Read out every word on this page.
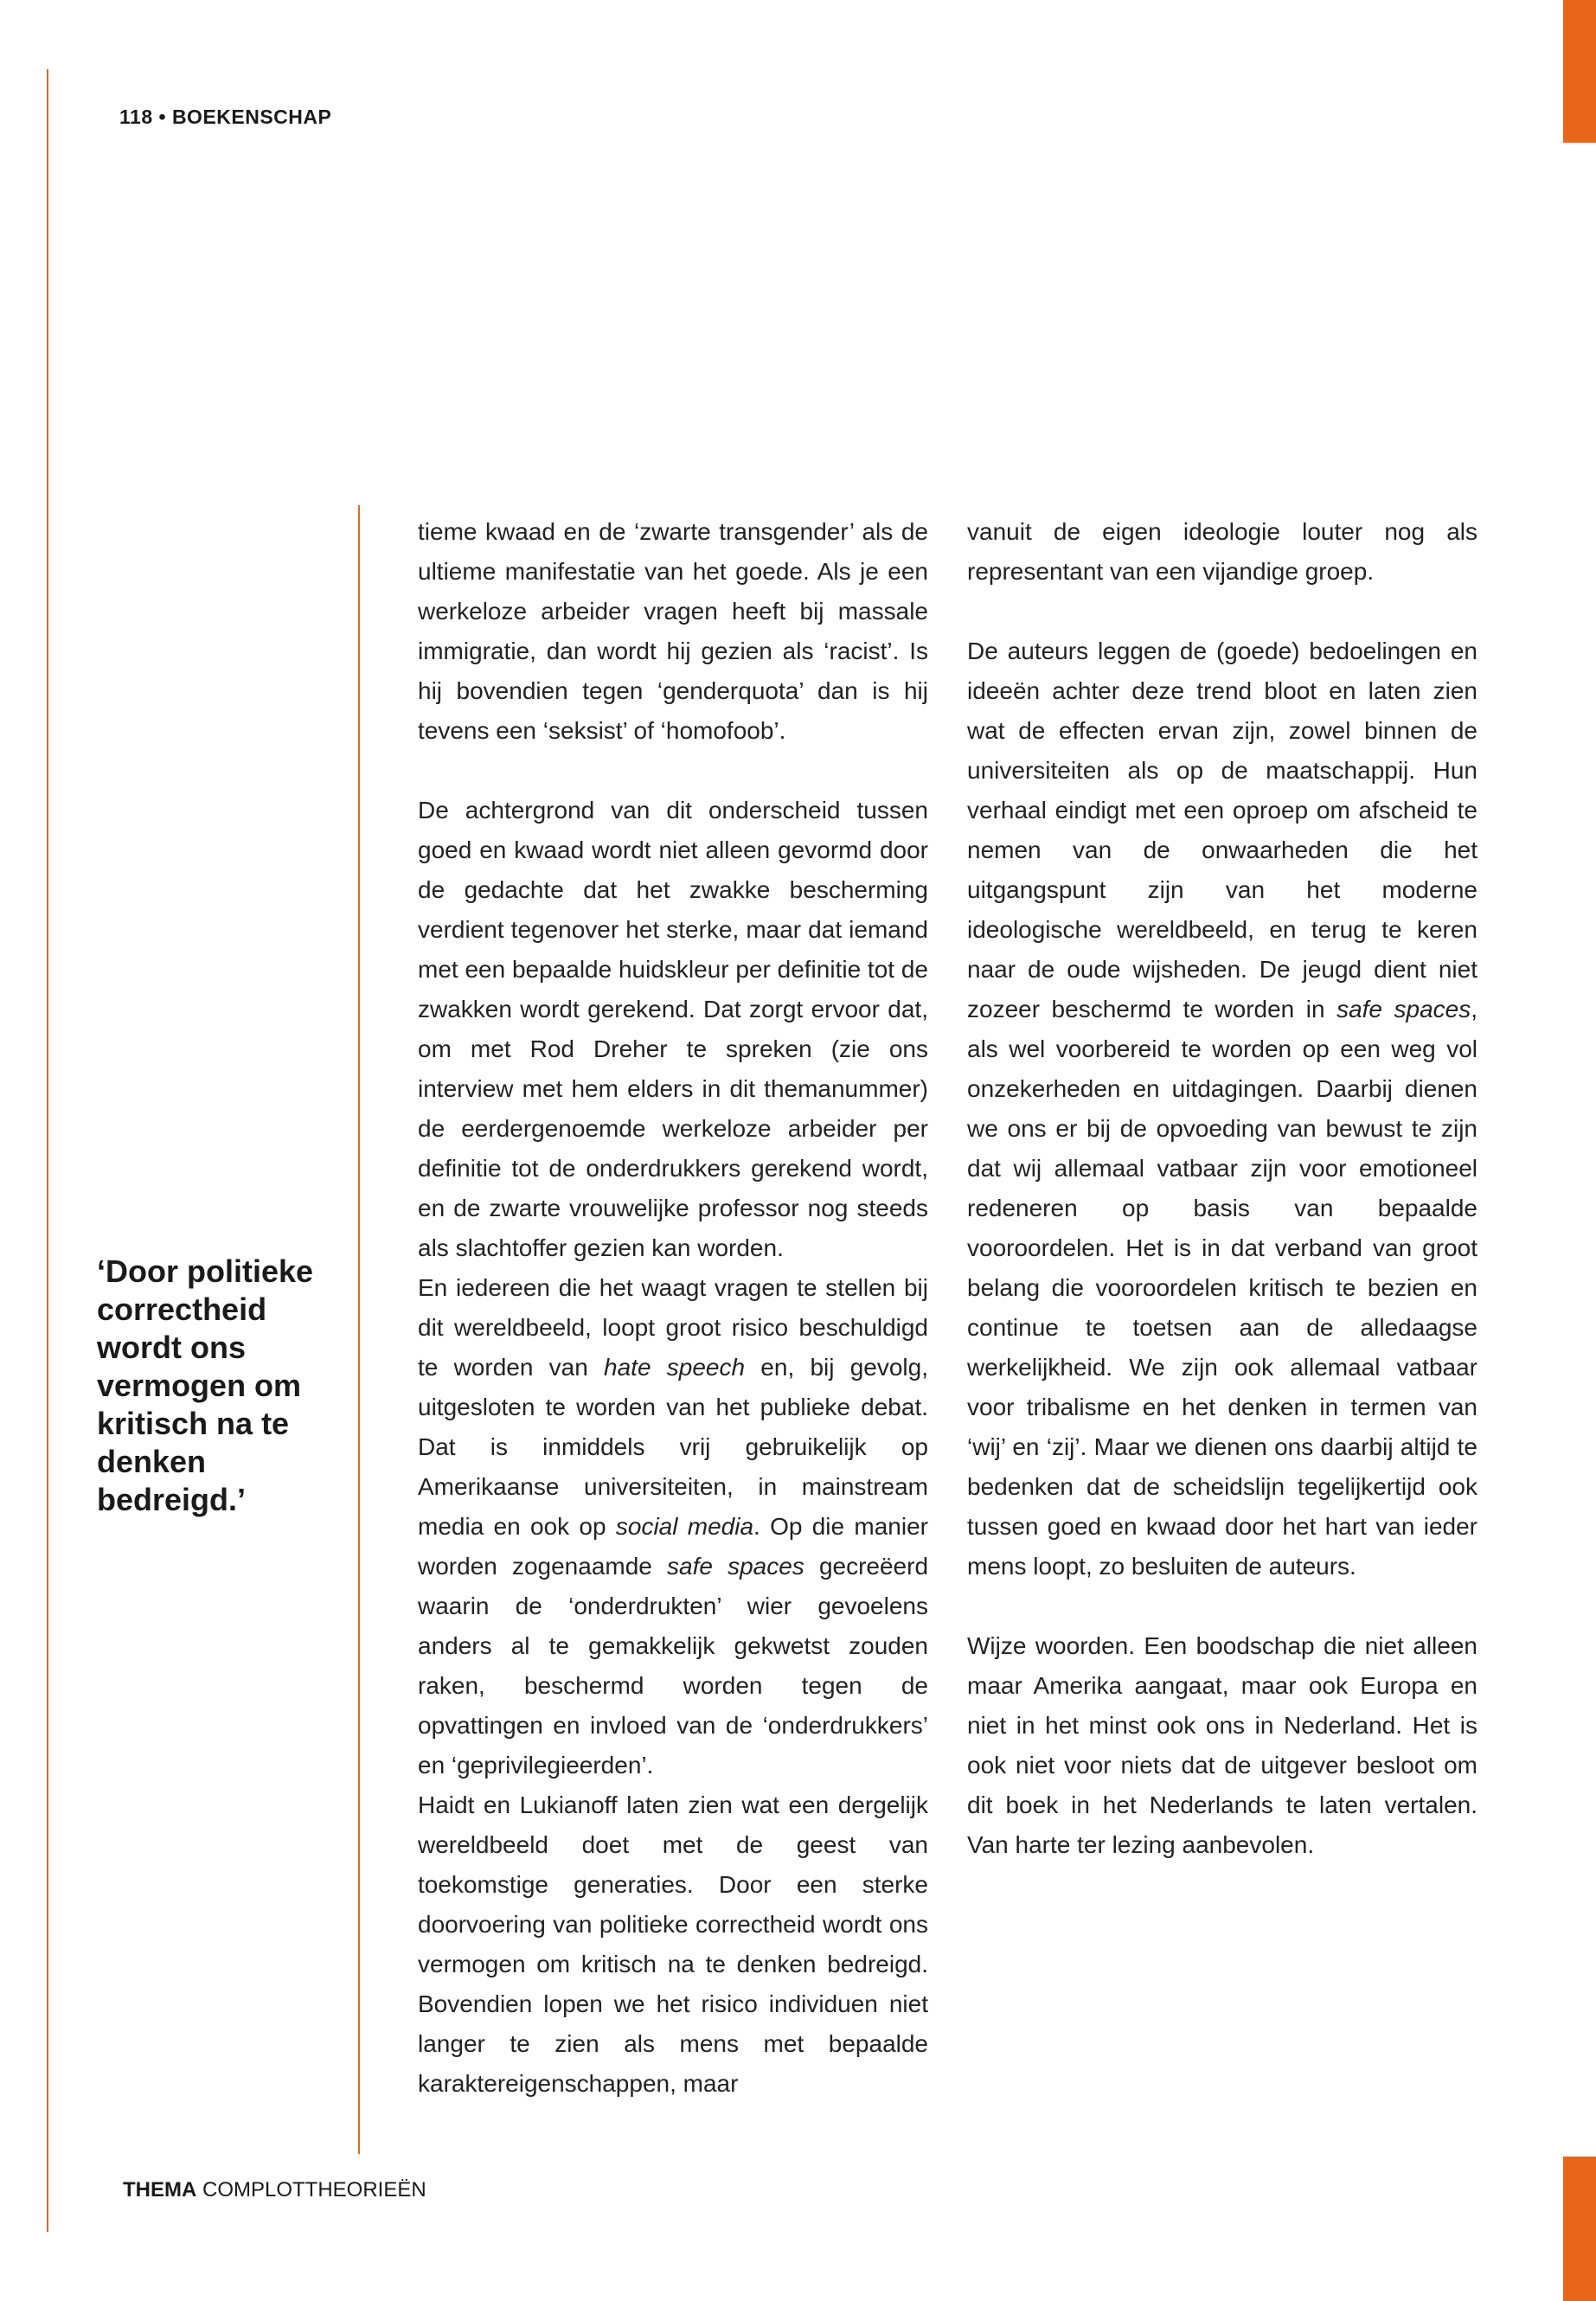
118 • BOEKENSCHAP
‘Door politieke correctheid wordt ons vermogen om kritisch na te denken bedreigd.’

tieme kwaad en de ‘zwarte transgender’ als de ultieme manifestatie van het goede. Als je een werkeloze arbeider vragen heeft bij massale immigratie, dan wordt hij gezien als ‘racist’. Is hij bovendien tegen ‘genderquota’ dan is hij tevens een ‘seksist’ of ‘homofoob’.

De achtergrond van dit onderscheid tussen goed en kwaad wordt niet alleen gevormd door de gedachte dat het zwakke bescherming verdient tegenover het sterke, maar dat iemand met een bepaalde huidskleur per definitie tot de zwakken wordt gerekend. Dat zorgt ervoor dat, om met Rod Dreher te spreken (zie ons interview met hem elders in dit themanummer) de eerdergenoemde werkeloze arbeider per definitie tot de onderdrukkers gerekend wordt, en de zwarte vrouwelijke professor nog steeds als slachtoffer gezien kan worden.

En iedereen die het waagt vragen te stellen bij dit wereldbeeld, loopt groot risico beschuldigd te worden van hate speech en, bij gevolg, uitgesloten te worden van het publieke debat. Dat is inmiddels vrij gebruikelijk op Amerikaanse universiteiten, in mainstream media en ook op social media. Op die manier worden zogenaamde safe spaces gecreëerd waarin de ‘onderdrukten’ wier gevoelens anders al te gemakkelijk gekwetst zouden raken, beschermd worden tegen de opvattingen en invloed van de ‘onderdrukkers’ en ‘geprivilegieerden’.

Haidt en Lukianoff laten zien wat een dergelijk wereldbeeld doet met de geest van toekomstige generaties. Door een sterke doorvoering van politieke correctheid wordt ons vermogen om kritisch na te denken bedreigd. Bovendien lopen we het risico individuen niet langer te zien als mens met bepaalde karaktereigenschappen, maar

vanuit de eigen ideologie louter nog als representant van een vijandige groep.

De auteurs leggen de (goede) bedoelingen en ideeën achter deze trend bloot en laten zien wat de effecten ervan zijn, zowel binnen de universiteiten als op de maatschappij. Hun verhaal eindigt met een oproep om afscheid te nemen van de onwaarheden die het uitgangspunt zijn van het moderne ideologische wereldbeeld, en terug te keren naar de oude wijsheden. De jeugd dient niet zozeer beschermd te worden in safe spaces, als wel voorbereid te worden op een weg vol onzekerheden en uitdagingen. Daarbij dienen we ons er bij de opvoeding van bewust te zijn dat wij allemaal vatbaar zijn voor emotioneel redeneren op basis van bepaalde vooroordelen. Het is in dat verband van groot belang die vooroordelen kritisch te bezien en continue te toetsen aan de alledaagse werkelijkheid. We zijn ook allemaal vatbaar voor tribalisme en het denken in termen van ‘wij’ en ‘zij’. Maar we dienen ons daarbij altijd te bedenken dat de scheidslijn tegelijkertijd ook tussen goed en kwaad door het hart van ieder mens loopt, zo besluiten de auteurs.

Wijze woorden. Een boodschap die niet alleen maar Amerika aangaat, maar ook Europa en niet in het minst ook ons in Nederland. Het is ook niet voor niets dat de uitgever besloot om dit boek in het Nederlands te laten vertalen. Van harte ter lezing aanbevolen.

THEMA COMPLOTTHEORIEËN
